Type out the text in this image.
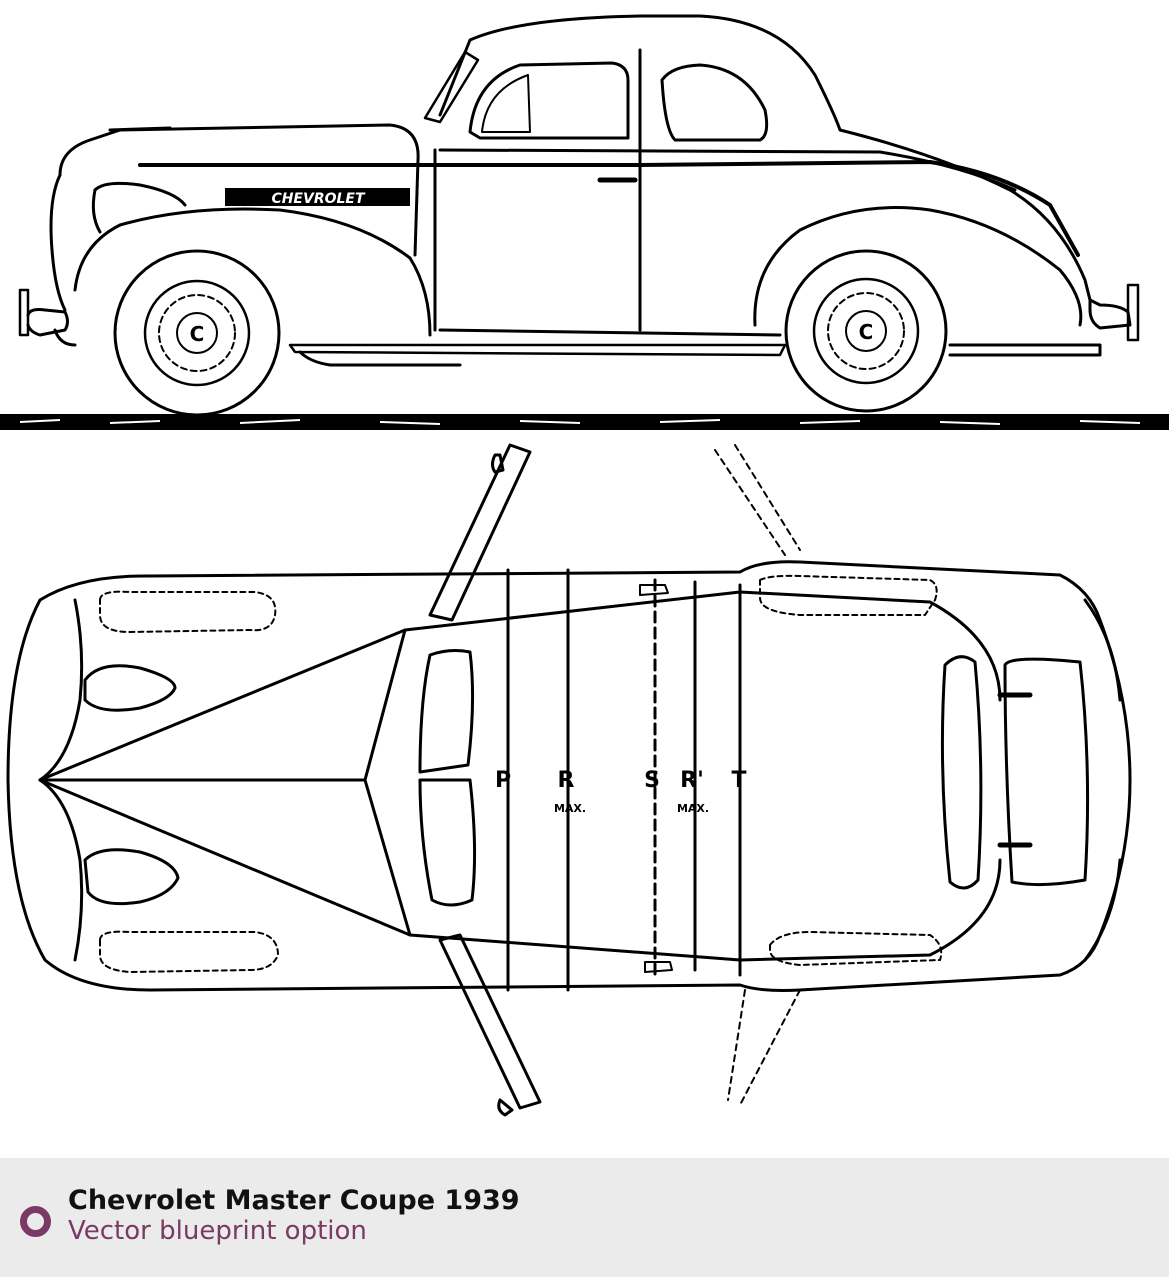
CHEVROLET
C	C
P R
MAX.
S R'
MAX.
T
Chevrolet Master Coupe 1939
Vector blueprint option
